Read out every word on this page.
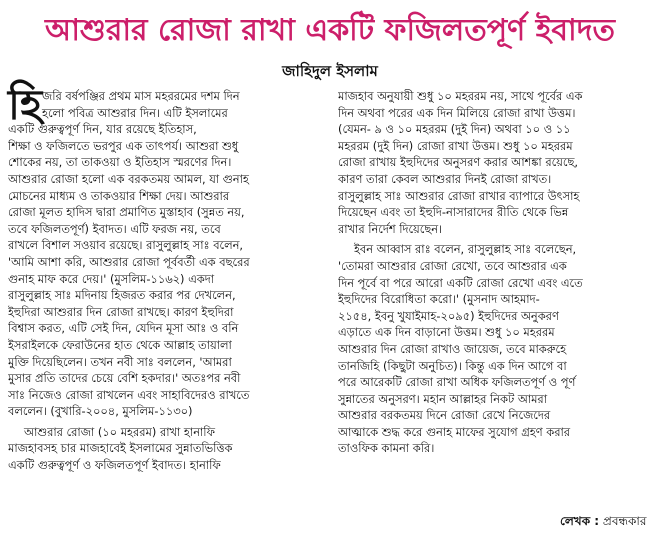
আশুরার রোজা রাখা একটি ফজিলতপূর্ণ ইবাদত
জাহিদুল ইসলাম
হি জরি বর্ষপঞ্জির প্রথম মাস মহররমের দশম দিন
হলো পবিত্র আশুরার দিন। এটি ইসলামের
একটি গুরুত্বপূর্ণ দিন, যার রয়েছে ইতিহাস,
শিক্ষা ও ফজিলতে ভরপুর এক তাৎপর্য। আশুরা শুধু
শোকের নয়, তা তাকওয়া ও ইতিহাস স্মরণের দিন।
আশুরার রোজা হলো এক বরকতময় আমল, যা গুনাহ
মোচনের মাধ্যম ও তাকওয়ার শিক্ষা দেয়। আশুরার
রোজা মূলত হাদিস দ্বারা প্রমাণিত মুস্তাহাব (সুন্নত নয়,
তবে ফজিলতপূর্ণ) ইবাদত। এটি ফরজ নয়, তবে
রাখলে বিশাল সওয়াব রয়েছে। রাসুলুল্লাহ সাঃ বলেন,
'আমি আশা করি, আশুরার রোজা পূর্ববর্তী এক বছরের
গুনাহ মাফ করে দেয়।' (মুসলিম-১১৬২) একদা
রাসুলুল্লাহ সাঃ মদিনায় হিজরত করার পর দেখলেন,
ইহুদিরা আশুরার দিন রোজা রাখছে। কারণ ইহুদিরা
বিশ্বাস করত, এটি সেই দিন, যেদিন মূসা আঃ ও বনি
ইসরাইলকে ফেরাউনের হাত থেকে আল্লাহ তায়ালা
মুক্তি দিয়েছিলেন। তখন নবী সাঃ বললেন, 'আমরা
মুসার প্রতি তাদের চেয়ে বেশি হকদার।' অতঃপর নবী
সাঃ নিজেও রোজা রাখলেন এবং সাহাবিদেরও রাখতে
বললেন। (বুখারি-২০০৪, মুসলিম-১১৩০)
আশুরার রোজা (১০ মহররম) রাখা হানাফি
মাজহাবসহ চার মাজহাবেই ইসলামের সুন্নাতভিত্তিক
একটি গুরুত্বপূর্ণ ও ফজিলতপূর্ণ ইবাদত। হানাফি
মাজহাব অনুযায়ী শুধু ১০ মহররম নয়, সাথে পূর্বের এক
দিন অথবা পরের এক দিন মিলিয়ে রোজা রাখা উত্তম।
(যেমন- ৯ ও ১০ মহররম (দুই দিন) অথবা ১০ ও ১১
মহররম (দুই দিন) রোজা রাখা উত্তম। শুধু ১০ মহররম
রোজা রাখায় ইহুদিদের অনুসরণ করার আশঙ্কা রয়েছে,
কারণ তারা কেবল আশুরার দিনই রোজা রাখত।
রাসুলুল্লাহ সাঃ আশুরার রোজা রাখার ব্যাপারে উৎসাহ
দিয়েছেন এবং তা ইহুদি-নাসারাদের রীতি থেকে ভিন্ন
রাখার নির্দেশ দিয়েছেন।
ইবন আব্বাস রাঃ বলেন, রাসুলুল্লাহ সাঃ বলেছেন,
'তোমরা আশুরার রোজা রেখো, তবে আশুরার এক
দিন পূর্বে বা পরে আরো একটি রোজা রেখো এবং এতে
ইহুদিদের বিরোধিতা করো।' (মুসনাদ আহমাদ-
২১৫৪, ইবনু খুযাইমাহ-২০৯৫) ইহুদিদের অনুকরণ
এড়াতে এক দিন বাড়ানো উত্তম। শুধু ১০ মহররম
আশুরার দিন রোজা রাখাও জায়েজ, তবে মাকরুহে
তানজিহি (কিছুটা অনুচিত)। কিন্তু এক দিন আগে বা
পরে আরেকটি রোজা রাখা অধিক ফজিলতপূর্ণ ও পূর্ণ
সুন্নাতের অনুসরণ। মহান আল্লাহর নিকট আমরা
আশুরার বরকতময় দিনে রোজা রেখে নিজেদের
আত্মাকে শুদ্ধ করে গুনাহ মাফের সুযোগ গ্রহণ করার
তাওফিক কামনা করি।
লেখক : প্রবন্ধকার
